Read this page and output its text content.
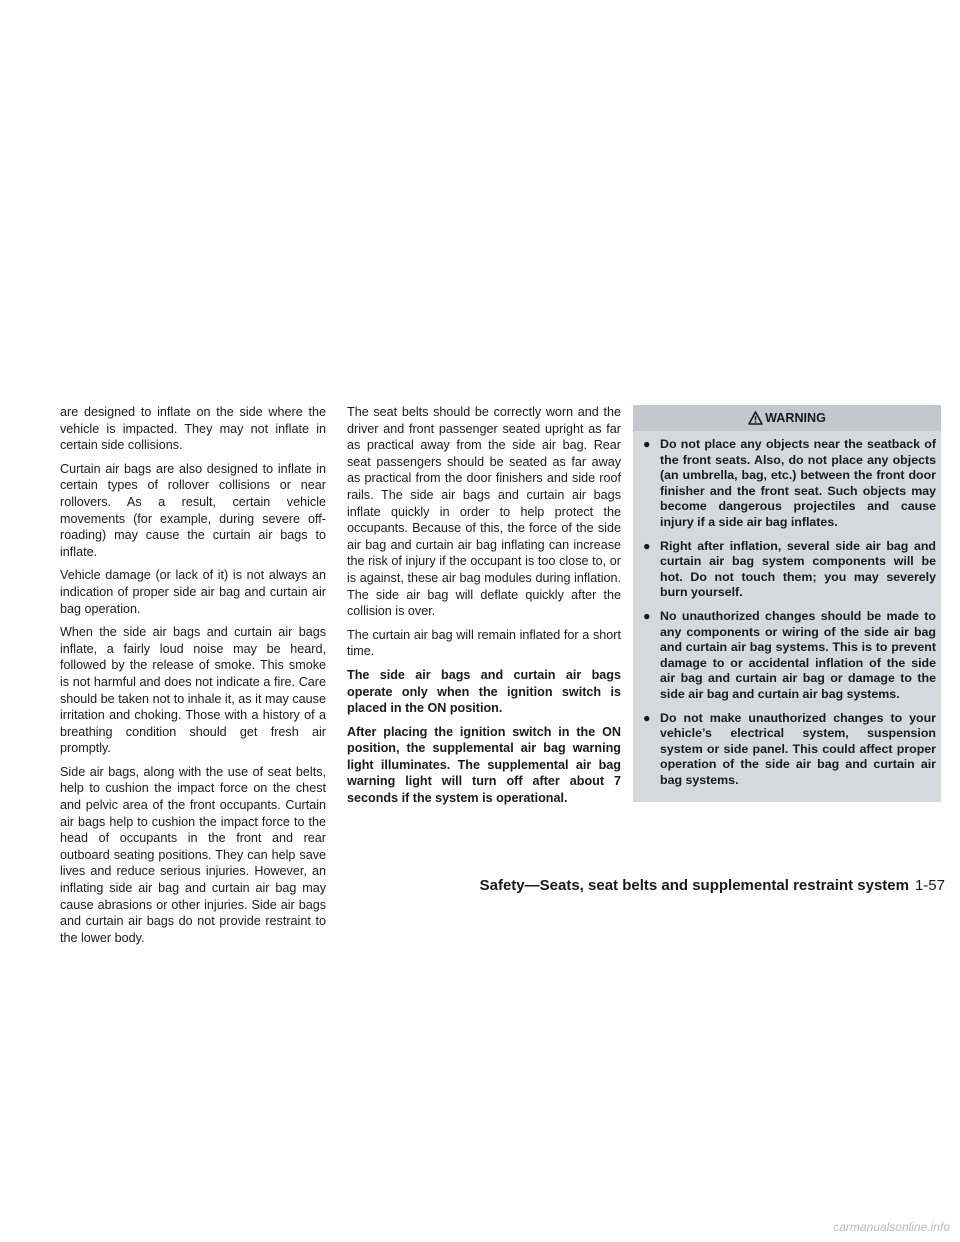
are designed to inflate on the side where the vehicle is impacted. They may not inflate in certain side collisions.

Curtain air bags are also designed to inflate in certain types of rollover collisions or near rollovers. As a result, certain vehicle movements (for example, during severe off-roading) may cause the curtain air bags to inflate.

Vehicle damage (or lack of it) is not always an indication of proper side air bag and curtain air bag operation.

When the side air bags and curtain air bags inflate, a fairly loud noise may be heard, followed by the release of smoke. This smoke is not harmful and does not indicate a fire. Care should be taken not to inhale it, as it may cause irritation and choking. Those with a history of a breathing condition should get fresh air promptly.

Side air bags, along with the use of seat belts, help to cushion the impact force on the chest and pelvic area of the front occupants. Curtain air bags help to cushion the impact force to the head of occupants in the front and rear outboard seating positions. They can help save lives and reduce serious injuries. However, an inflating side air bag and curtain air bag may cause abrasions or other injuries. Side air bags and curtain air bags do not provide restraint to the lower body.

The seat belts should be correctly worn and the driver and front passenger seated upright as far as practical away from the side air bag. Rear seat passengers should be seated as far away as practical from the door finishers and side roof rails. The side air bags and curtain air bags inflate quickly in order to help protect the occupants. Because of this, the force of the side air bag and curtain air bag inflating can increase the risk of injury if the occupant is too close to, or is against, these air bag modules during inflation. The side air bag will deflate quickly after the collision is over.

The curtain air bag will remain inflated for a short time.

The side air bags and curtain air bags operate only when the ignition switch is placed in the ON position.

After placing the ignition switch in the ON position, the supplemental air bag warning light illuminates. The supplemental air bag warning light will turn off after about 7 seconds if the system is operational.

WARNING
● Do not place any objects near the seatback of the front seats. Also, do not place any objects (an umbrella, bag, etc.) between the front door finisher and the front seat. Such objects may become dangerous projectiles and cause injury if a side air bag inflates.
● Right after inflation, several side air bag and curtain air bag system components will be hot. Do not touch them; you may severely burn yourself.
● No unauthorized changes should be made to any components or wiring of the side air bag and curtain air bag systems. This is to prevent damage to or accidental inflation of the side air bag and curtain air bag or damage to the side air bag and curtain air bag systems.
● Do not make unauthorized changes to your vehicle’s electrical system, suspension system or side panel. This could affect proper operation of the side air bag and curtain air bag systems.
Safety—Seats, seat belts and supplemental restraint system 1-57
carmanualsonline.info
